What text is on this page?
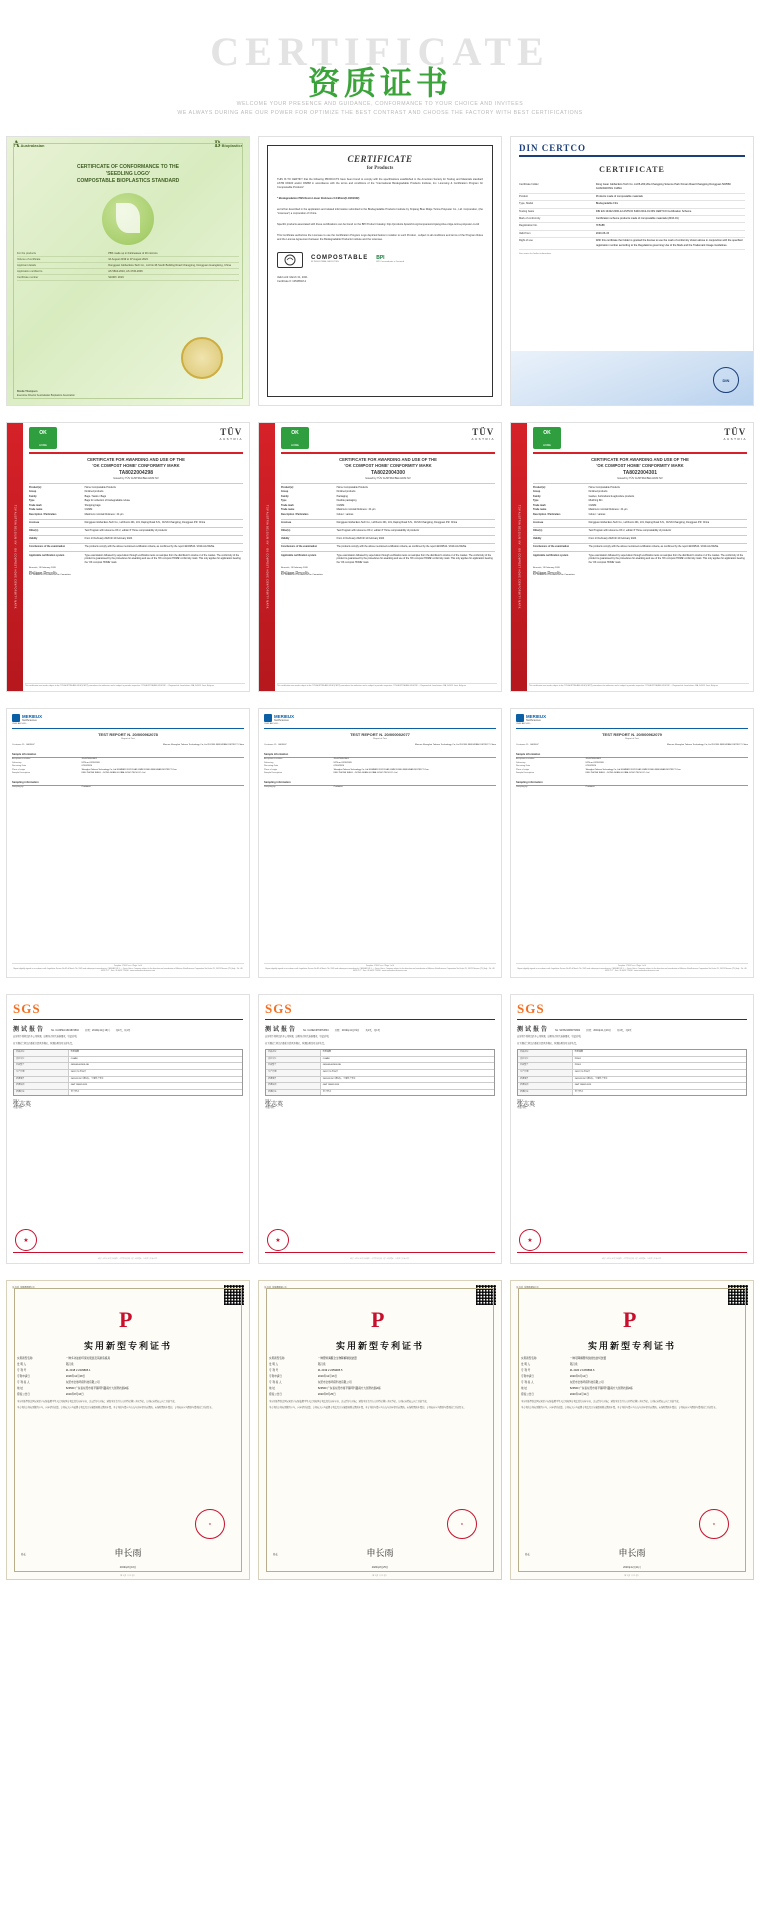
CERTIFICATE
资质证书
WELCOME YOUR PRESENCE AND GUIDANCE, CONFORMANCE TO YOUR CHOICE AND INVITEES
WE ALWAYS DURING ARE OUR POWER FOR OPTIMIZE THE BEST CONTRAST AND CHOOSE THE FACTORY WITH BEST CERTIFICATIONS
A Australasian	B Bioplastics
CERTIFICATE OF CONFORMANCE TO THE
'SEEDLING LOGO'
COMPOSTABLE BIOPLASTICS STANDARD
For the products	PBS made up in thicknesses of 30 microns
Volume of certificate	10 August 2019 to 07 August 2024
Applicant details	Dongguan Global Eco-Tech Co., Ltd No.36 South Building Road Changping, Dongguan Guangdong, China
Application certified to	AS 5810-2010, AS 4736-2006
Certificate number	S1048 / 2019
Brodie Thompson
Executive Director Australasian Bioplastics Association
CERTIFICATE
for Products
THIS IS TO CERTIFY that the following PRODUCTS have been found to comply with the specifications established in the American Society for Testing and Materials standard ASTM D6400 and/or D6868 in accordance with the terms and conditions of the "International Biodegradable Products Institute, Inc. Licensing & Certification Program for Compostable Products"
* Biodegradation PBS Resin Linear thickness 0.048mm(0.1024/032)
as further described in the application and related information submitted to the Biodegradable Products Institute by Xinjiang Blue Ridge Turina Polyester Co., Ltd. Corporation, (the "Licensee") a corporation of China
Specific products associated with these certifications can be found on the BPI Product Catalog: http://products.bpiworld.org/companies/xinjiang-blue-ridge-turina-polyester-co-ltd
This Certificate authorizes the Licensee to use the Certification Program Logo depicted below in relation to such Product , subject to all conditions and terms of the Program Rules and the License Agreement between the Biodegradable Products Institute and the Licensee.
COMPOSTABLE
IN INDUSTRIAL FACILITIES
BPI
BPI Cocoordinate e Deemed
Valid until: March 31, 2021
Certificate #: 10528518-2
DIN CERTCO
CERTIFICATE
Certificate holder	Dong Guan Global Eco Tech Co. Ltd B-203,20a Changping Science Park Xinnan Road Changping Dongguan 523560 GUANGDONG CHINA
Product	Products made of compostable materials
Type, Model	Biodegradable Film
Testing basis	DIN EN 13432:2000-12 ASTM D 6400:2012-01 DIN CERTCO Certification Scheme
Mark of conformity	Certification scheme products made of compostable materials (2016-01)
Registration No.	7F5188
Valid from	2020-06-15
Right of use	With this certificate the holder is granted the license to use the mark of conformity shown above in conjunction with the specified registration number according to the Regulations governing Use of the Mark and the Trademark Usage Guidelines.
See annex for further information.
DIN
TÜV AUSTRIA BELGIUM NV · OK COMPOST HOME CONFORMITY MARK
HOME OK
TÜV
AUSTRIA
CERTIFICATE FOR AWARDING AND USE OF THE
'OK COMPOST HOME' CONFORMITY MARK
TA8022004298
Issued by TÜV AUSTRIA BELGIUM NV
Product(s):	Home Compostable Products
Group	Finished products
Family	Bags / Sacks / Bags
Type	Bags for collection of biodegradable refuse
Trade mark	Shopping bags
Trade name	CGMM
Description / Particulars	Maximum nominal thickness : 24 μm
Licensee	Dongguan Global Eco-Tech Co., Ltd Room 201, 101, Daping Road S.N., CUSN Changping, Dongguan P.R. China
Other(s)	Test Program with reference OK 2, edition 8 'Home compostability of products'
Validity	From 13 February 2020 till 12 February 2024
Conclusions of the examination	The products comply with the above mentioned certification criteria, as confirmed by the report EN32544 / 2019-AG-5029a.
Applicable certification system	Type examination followed by supervision through verification tests on samples from the distributor's stocks or of the market. The conformity of the product is guaranteed by the procedures for awarding and use of the 'OK compost HOME' conformity mark. This only applies for application bearing the 'OK compost HOME' mark.
Brussels, 15 February 2020
Philippe Dewolfs
Ph. DEWOLFS President of the Committee
This certification was made subject to the TÜV AUSTRIA BELGIUM (CERT) procedures for attribution and is subject to periodic inspection. TÜV AUSTRIA BELGIUM NV — Raymond de Larochelaan 19A, B-9051 Gent, Belgium
TÜV AUSTRIA BELGIUM NV · OK COMPOST HOME CONFORMITY MARK
HOME OK
TÜV
AUSTRIA
CERTIFICATE FOR AWARDING AND USE OF THE
'OK COMPOST HOME' CONFORMITY MARK
TA8022004300
Issued by TÜV AUSTRIA BELGIUM NV
Product(s):	Home Compostable Products
Group	Finished products
Family	Packaging
Type	Flexible packaging
Trade mark	CGMM
Trade name	Maximum nominal thickness : 24 μm
Description / Particulars	Colour : various
Licensee	Dongguan Global Eco-Tech Co., Ltd Room 201, 101, Daping Road S.N., CUSN Changping, Dongguan P.R. China
Other(s)	Test Program with reference OK 2, edition 8 'Home compostability of products'
Validity	From 13 February 2020 till 12 February 2024
Conclusions of the examination	The products comply with the above mentioned certification criteria, as confirmed by the report EN32544 / 2019-AG-5029a.
Applicable certification system	Type examination followed by supervision through verification tests on samples from the distributor's stocks or of the market. The conformity of the product is guaranteed by the procedures for awarding and use of the 'OK compost HOME' conformity mark. This only applies for application bearing the 'OK compost HOME' mark.
Brussels, 15 February 2020
Philippe Dewolfs
Ph. DEWOLFS President of the Committee
This certification was made subject to the TÜV AUSTRIA BELGIUM (CERT) procedures for attribution and is subject to periodic inspection. TÜV AUSTRIA BELGIUM NV — Raymond de Larochelaan 19A, B-9051 Gent, Belgium
TÜV AUSTRIA BELGIUM NV · OK COMPOST HOME CONFORMITY MARK
HOME OK
TÜV
AUSTRIA
CERTIFICATE FOR AWARDING AND USE OF THE
'OK COMPOST HOME' CONFORMITY MARK
TA8022004301
Issued by TÜV AUSTRIA BELGIUM NV
Product(s):	Home Compostable Products
Group	Finished products
Family	Garden, horticultural & agriculture products
Type	Mulching film
Trade mark	CGMM
Trade name	Maximum nominal thickness : 24 μm
Description / Particulars	Colour : various
Licensee	Dongguan Global Eco-Tech Co., Ltd Room 201, 101, Daping Road S.N., CUSN Changping, Dongguan P.R. China
Other(s)	Test Program with reference OK 2, edition 8 'Home compostability of products'
Validity	From 13 February 2020 till 12 February 2024
Conclusions of the examination	The products comply with the above mentioned certification criteria, as confirmed by the report EN32544 / 2019-AG-5029a.
Applicable certification system	Type examination followed by supervision through verification tests on samples from the distributor's stocks or of the market. The conformity of the product is guaranteed by the procedures for awarding and use of the 'OK compost HOME' conformity mark. This only applies for application bearing the 'OK compost HOME' mark.
Brussels, 15 February 2020
Philippe Dewolfs
Ph. DEWOLFS President of the Committee
This certification was made subject to the TÜV AUSTRIA BELGIUM (CERT) procedures for attribution and is subject to periodic inspection. TÜV AUSTRIA BELGIUM NV — Raymond de Larochelaan 19A, B-9051 Gent, Belgium
MERIEUX
NutriSciences
CHELAB S.R.L.
TEST REPORT N. 20/000962078
Report of Test
Customer ID 0063007	Mesure Shanghai Takarra Technology Co.,Ltd 207460 FENGXIAN DISTRICT China
Sample information
Acceptance number	20-007460-0001
Delivering	UPS on 07/01/2020
Receiving Date	07/01/2020
Place of origin	Shanghai Takarra Technology Co, Ltd NUMBER 2012 ROAD JIMB 201460 FENGXIAN DISTRICT Cina
Sample Description	DELI PHONE SHELL - DONG GUAN GLOBAL ECHO TECH CO. Ltd
Sampling information
Sampling by	Customer
Template: 176/02 rev. 4 Page 1 of 4
Report digitally signed in accordance with Legislative Decree No.82 of March 7th, 2005 and subsequent amendments. CHELAB S.R.L. — Socio Unico, Company subject to the direction and coordination of Mérieux NutriSciences Corporation Via Fratta 25, 31023 Resana (TV) Italy · Tel +39 0423 7177 · Fax +39 0423 715058 · www.merieuxnutrisciences.com
MERIEUX
NutriSciences
CHELAB S.R.L.
TEST REPORT N. 20/000002077
Report of Test
Customer ID 0063007	Mesure Shanghai Takarra Technology Co.,Ltd 207460 FENGXIAN DISTRICT China
Sample information
Acceptance number	20-007460-0001
Delivering	UPS on 07/01/2020
Receiving Date	07/01/2020
Place of origin	Shanghai Takarra Technology Co, Ltd NUMBER 2012 ROAD JIMB 201460 FENGXIAN DISTRICT Cina
Sample Description	DELI PHONE SHELL - DONG GUAN GLOBAL ECHO TECH CO. Ltd
Sampling information
Sampling by	Customer
Template: 176/02 rev. 4 Page 1 of 4
Report digitally signed in accordance with Legislative Decree No.82 of March 7th, 2005 and subsequent amendments. CHELAB S.R.L. — Socio Unico, Company subject to the direction and coordination of Mérieux NutriSciences Corporation Via Fratta 25, 31023 Resana (TV) Italy · Tel +39 0423 7177 · Fax +39 0423 715058 · www.merieuxnutrisciences.com
MERIEUX
NutriSciences
CHELAB S.R.L.
TEST REPORT N. 20/000962079
Report of Test
Customer ID 0063007	Mesure Shanghai Takarra Technology Co.,Ltd 207460 FENGXIAN DISTRICT China
Sample information
Acceptance number	20-007460-0001
Delivering	UPS on 07/01/2020
Receiving Date	07/01/2020
Place of origin	Shanghai Takarra Technology Co, Ltd NUMBER 2012 ROAD JIMB 201460 FENGXIAN DISTRICT Cina
Sample Description	DELI PHONE SHELL - DONG GUAN GLOBAL ECHO TECH CO. Ltd
Sampling information
Sampling by	Customer
Template: 176/02 rev. 4 Page 1 of 4
Report digitally signed in accordance with Legislative Decree No.82 of March 7th, 2005 and subsequent amendments. CHELAB S.R.L. — Socio Unico, Company subject to the direction and coordination of Mérieux NutriSciences Corporation Via Fratta 25, 31023 Resana (TV) Italy · Tel +39 0423 7177 · Fax +39 0423 715058 · www.merieuxnutrisciences.com
SGS
测试报告	No. CANHEC1619872802	日期：2019年11月19日	共1页，共1页
兹证明下列样品经本公司检测，结果符合相关标准要求，特此证明。
以下测试之样品由委托方提供并确认，检测结果仅对来样负责。
样品名称	吹塑薄膜
委托单位	CGMM
样品型号	GFM-M-002001-SE
生产日期	2019年11月19日
检测项目	2019/11/19 已测1次，全项符合要求
检测依据	GB/T 38082-2019
检测结论	符合要求
签发人：
张志英
签发日期：
★
本报告未经本公司书面批准，不得部分复制。报告无骑缝章、无检验专用章无效。
SGS
测试报告	No. CANECI8708T2804	日期：2019年11月19日	共1页，共1页
兹证明下列样品经本公司检测，结果符合相关标准要求，特此证明。
以下测试之样品由委托方提供并确认，检测结果仅对来样负责。
样品名称	吹塑薄膜
委托单位	CGMM
样品型号	GFM-M-002002-SE
生产日期	2019年11月19日
检测项目	2019/11/19 已测1次，全项符合要求
检测依据	GB/T 38082-2019
检测结论	符合要求
签发人：
张志英
签发日期：
★
本报告未经本公司书面批准，不得部分复制。报告无骑缝章、无检验专用章无效。
SGS
测试报告	No. SZX6219800T1802	日期：2019年11月19日	共1页，共1页
兹证明下列样品经本公司检测，结果符合相关标准要求，特此证明。
以下测试之样品由委托方提供并确认，检测结果仅对来样负责。
样品名称	吹塑薄膜
委托单位	PP001
样品型号	PP001
生产日期	2019年11月19日
检测项目	2019/11/19 已测1次，全项符合要求
检测依据	GB/T 38082-2019
检测结论	符合要求
签发人：
张志英
签发日期：
★
本报告未经本公司书面批准，不得部分复制。报告无骑缝章、无检验专用章无效。
证书号 第8059535 号
P
实用新型专利证书
实用新型名称	一种多功能的环保垃圾袋及其制造模具
发 明 人	陈汉泉
专 利 号	ZL 2018 2 2239805.1
专利申请日	2018年12月28日
专 利 权 人	东莞市全球环保科技有限公司
地 址	523560 广东省东莞市常平镇环科路南方大街科技园A栋
授权公告日	2019年8月16日
本实用新型经过国家知识产权局依照中华人民共和国专利法进行初步审查，决定授予专利权，颁发本证书并在专利登记簿上予以登记。专利权自授权公告之日起生效。
本专利的专利权期限为十年，自申请日起算。专利权人应当依照专利法及其实施细则规定缴纳年费。本专利的年费应当在每年的申请日前缴纳。未按时缴纳年费的，专利权自应当缴纳年费期满之日起终止。
★
局长	申长雨
2019年8月16日
第 1 页（共 1 页）
证书号 第9088021 号
P
实用新型专利证书
实用新型名称	一种塑料薄膜全生物降解制袋装置
发 明 人	陈汉泉
专 利 号	ZL 2019 2 2259905.5
专利申请日	2019年12月16日
专 利 权 人	东莞市全球环保科技有限公司
地 址	523560 广东省东莞市常平镇环科路南方大街科技园A栋
授权公告日	2020年8月25日
本实用新型经过国家知识产权局依照中华人民共和国专利法进行初步审查，决定授予专利权，颁发本证书并在专利登记簿上予以登记。专利权自授权公告之日起生效。
本专利的专利权期限为十年，自申请日起算。专利权人应当依照专利法及其实施细则规定缴纳年费。本专利的年费应当在每年的申请日前缴纳。未按时缴纳年费的，专利权自应当缴纳年费期满之日起终止。
★
局长	申长雨
2020年8月25日
第 1 页（共 1 页）
证书号 第9533810 号
P
实用新型专利证书
实用新型名称	一种可降解塑料袋的热封切装置
发 明 人	陈汉泉
专 利 号	ZL 2020 2 1065896.6
专利申请日	2020年6月12日
专 利 权 人	东莞市全球环保科技有限公司
地 址	523560 广东省东莞市常平镇环科路南方大街科技园A栋
授权公告日	2020年12月11日
本实用新型经过国家知识产权局依照中华人民共和国专利法进行初步审查，决定授予专利权，颁发本证书并在专利登记簿上予以登记。专利权自授权公告之日起生效。
本专利的专利权期限为十年，自申请日起算。专利权人应当依照专利法及其实施细则规定缴纳年费。本专利的年费应当在每年的申请日前缴纳。未按时缴纳年费的，专利权自应当缴纳年费期满之日起终止。
★
局长	申长雨
2020年12月11日
第 1 页（共 1 页）
